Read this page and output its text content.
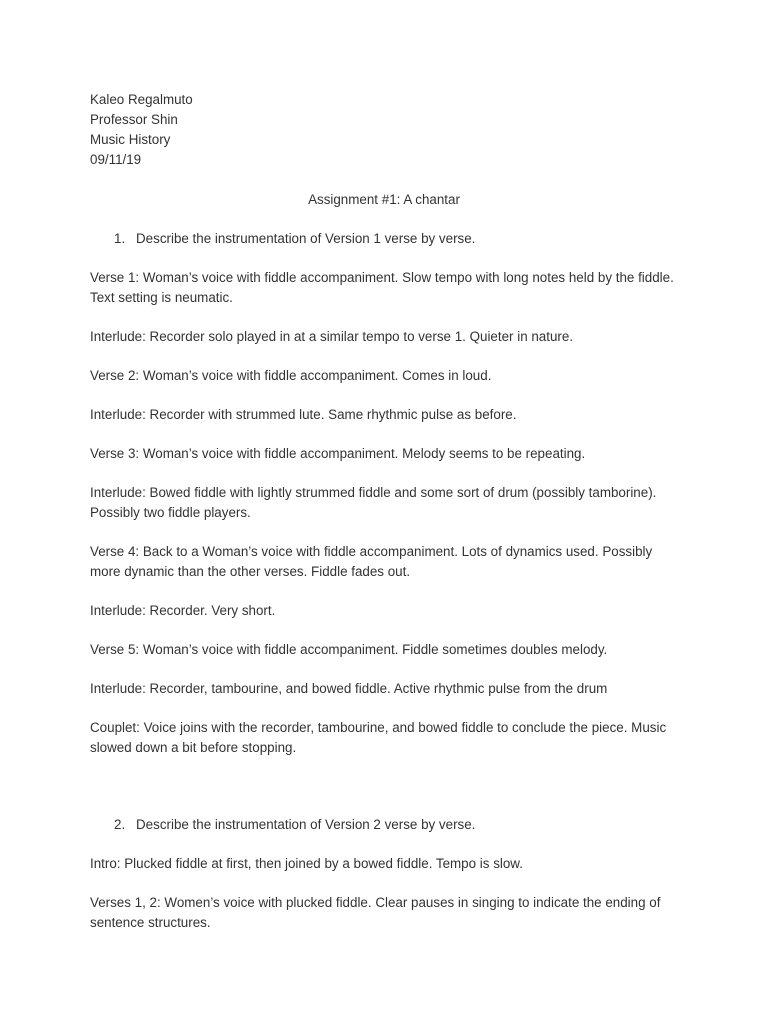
Kaleo Regalmuto
Professor Shin
Music History
09/11/19
Assignment #1: A chantar
1. Describe the instrumentation of Version 1 verse by verse.
Verse 1: Woman’s voice with fiddle accompaniment. Slow tempo with long notes held by the fiddle. Text setting is neumatic.
Interlude: Recorder solo played in at a similar tempo to verse 1. Quieter in nature.
Verse 2: Woman’s voice with fiddle accompaniment. Comes in loud.
Interlude: Recorder with strummed lute. Same rhythmic pulse as before.
Verse 3: Woman’s voice with fiddle accompaniment. Melody seems to be repeating.
Interlude: Bowed fiddle with lightly strummed fiddle and some sort of drum (possibly tamborine). Possibly two fiddle players.
Verse 4: Back to a Woman’s voice with fiddle accompaniment. Lots of dynamics used. Possibly more dynamic than the other verses. Fiddle fades out.
Interlude: Recorder. Very short.
Verse 5: Woman’s voice with fiddle accompaniment. Fiddle sometimes doubles melody.
Interlude: Recorder, tambourine, and bowed fiddle. Active rhythmic pulse from the drum
Couplet: Voice joins with the recorder, tambourine, and bowed fiddle to conclude the piece. Music slowed down a bit before stopping.
2. Describe the instrumentation of Version 2 verse by verse.
Intro: Plucked fiddle at first, then joined by a bowed fiddle. Tempo is slow.
Verses 1, 2: Women’s voice with plucked fiddle. Clear pauses in singing to indicate the ending of sentence structures.
